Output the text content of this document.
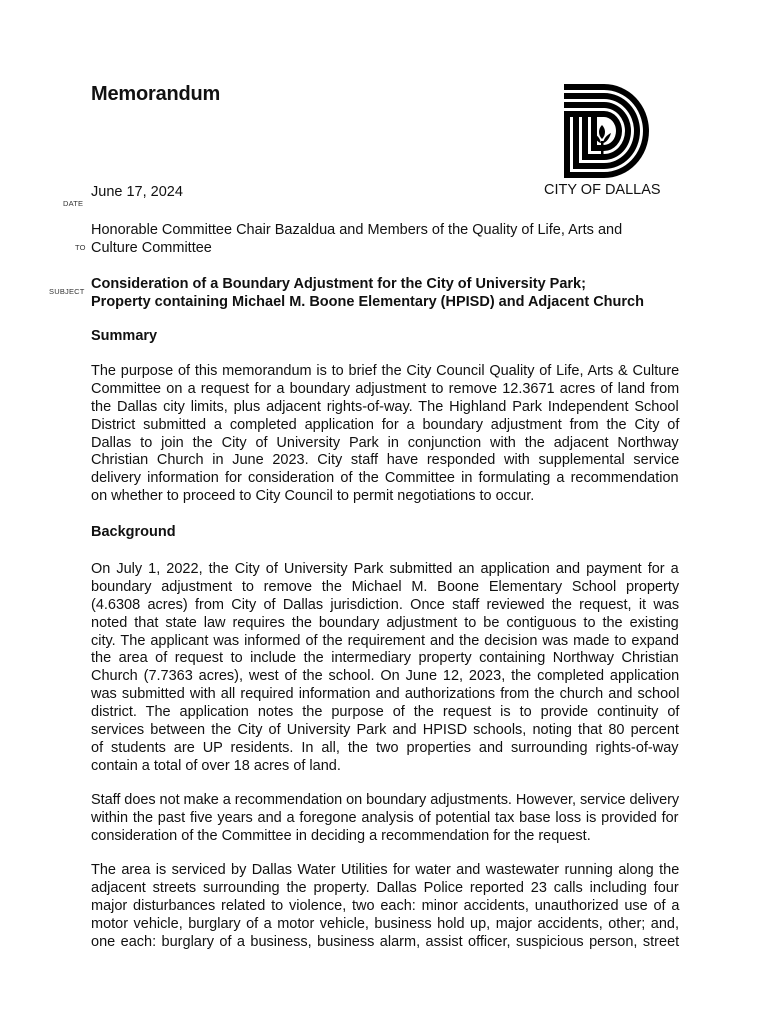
Memorandum
CITY OF DALLAS
DATE
June 17, 2024
TO
Honorable Committee Chair Bazaldua and Members of the Quality of Life, Arts and
Culture Committee
SUBJECT Consideration of a Boundary Adjustment for the City of University Park;
Property containing Michael M. Boone Elementary (HPISD) and Adjacent Church
Summary
The purpose of this memorandum is to brief the City Council Quality of Life, Arts & Culture
Committee on a request for a boundary adjustment to remove 12.3671 acres of land from
the Dallas city limits, plus adjacent rights-of-way. The Highland Park Independent School
District submitted a completed application for a boundary adjustment from the City of
Dallas to join the City of University Park in conjunction with the adjacent Northway
Christian Church in June 2023. City staff have responded with supplemental service
delivery information for consideration of the Committee in formulating a recommendation
on whether to proceed to City Council to permit negotiations to occur.
Background
On July 1, 2022, the City of University Park submitted an application and payment for a
boundary adjustment to remove the Michael M. Boone Elementary School property
(4.6308 acres) from City of Dallas jurisdiction. Once staff reviewed the request, it was
noted that state law requires the boundary adjustment to be contiguous to the existing
city. The applicant was informed of the requirement and the decision was made to expand
the area of request to include the intermediary property containing Northway Christian
Church (7.7363 acres), west of the school. On June 12, 2023, the completed application
was submitted with all required information and authorizations from the church and school
district. The application notes the purpose of the request is to provide continuity of
services between the City of University Park and HPISD schools, noting that 80 percent
of students are UP residents. In all, the two properties and surrounding rights-of-way
contain a total of over 18 acres of land.
Staff does not make a recommendation on boundary adjustments. However, service delivery
within the past five years and a foregone analysis of potential tax base loss is provided for
consideration of the Committee in deciding a recommendation for the request.
The area is serviced by Dallas Water Utilities for water and wastewater running along the
adjacent streets surrounding the property. Dallas Police reported 23 calls including four
major disturbances related to violence, two each: minor accidents, unauthorized use of a
motor vehicle, burglary of a motor vehicle, business hold up, major accidents, other; and,
one each: burglary of a business, business alarm, assist officer, suspicious person, street
